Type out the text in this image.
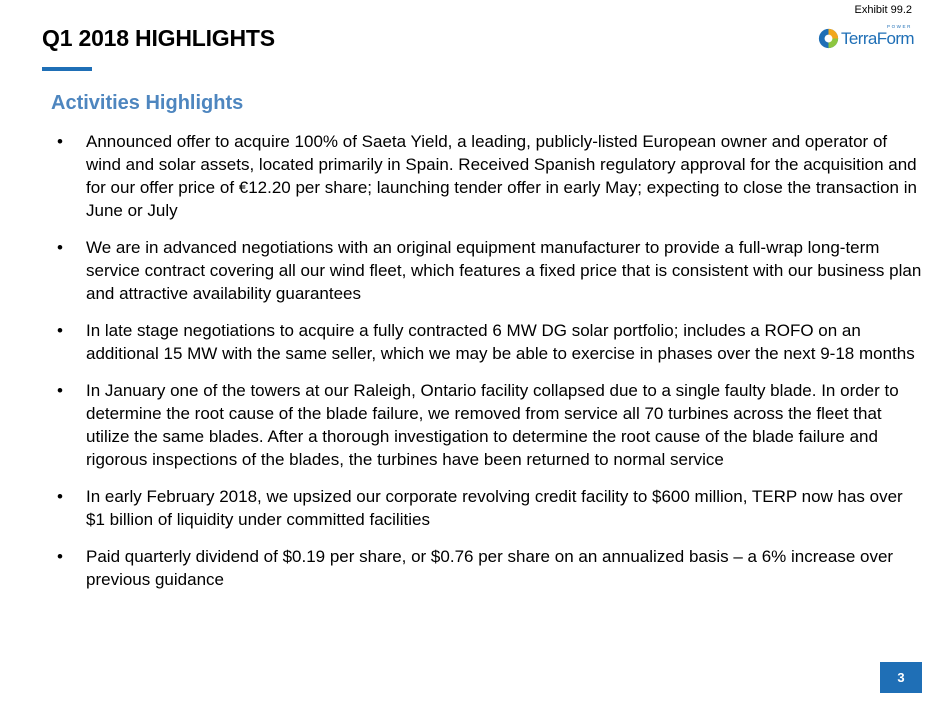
Exhibit 99.2
Q1 2018 HIGHLIGHTS	POWER
TerraForm
Activities Highlights
• Announced offer to acquire 100% of Saeta Yield, a leading, publicly-listed European owner and operator of wind and solar assets, located primarily in Spain. Received Spanish regulatory approval for the acquisition and for our offer price of €12.20 per share; launching tender offer in early May; expecting to close the transaction in June or July
• We are in advanced negotiations with an original equipment manufacturer to provide a full-wrap long-term service contract covering all our wind fleet, which features a fixed price that is consistent with our business plan and attractive availability guarantees
• In late stage negotiations to acquire a fully contracted 6 MW DG solar portfolio; includes a ROFO on an additional 15 MW with the same seller, which we may be able to exercise in phases over the next 9-18 months
• In January one of the towers at our Raleigh, Ontario facility collapsed due to a single faulty blade. In order to determine the root cause of the blade failure, we removed from service all 70 turbines across the fleet that utilize the same blades. After a thorough investigation to determine the root cause of the blade failure and rigorous inspections of the blades, the turbines have been returned to normal service
• In early February 2018, we upsized our corporate revolving credit facility to $600 million, TERP now has over $1 billion of liquidity under committed facilities
• Paid quarterly dividend of $0.19 per share, or $0.76 per share on an annualized basis – a 6% increase over previous guidance
3
